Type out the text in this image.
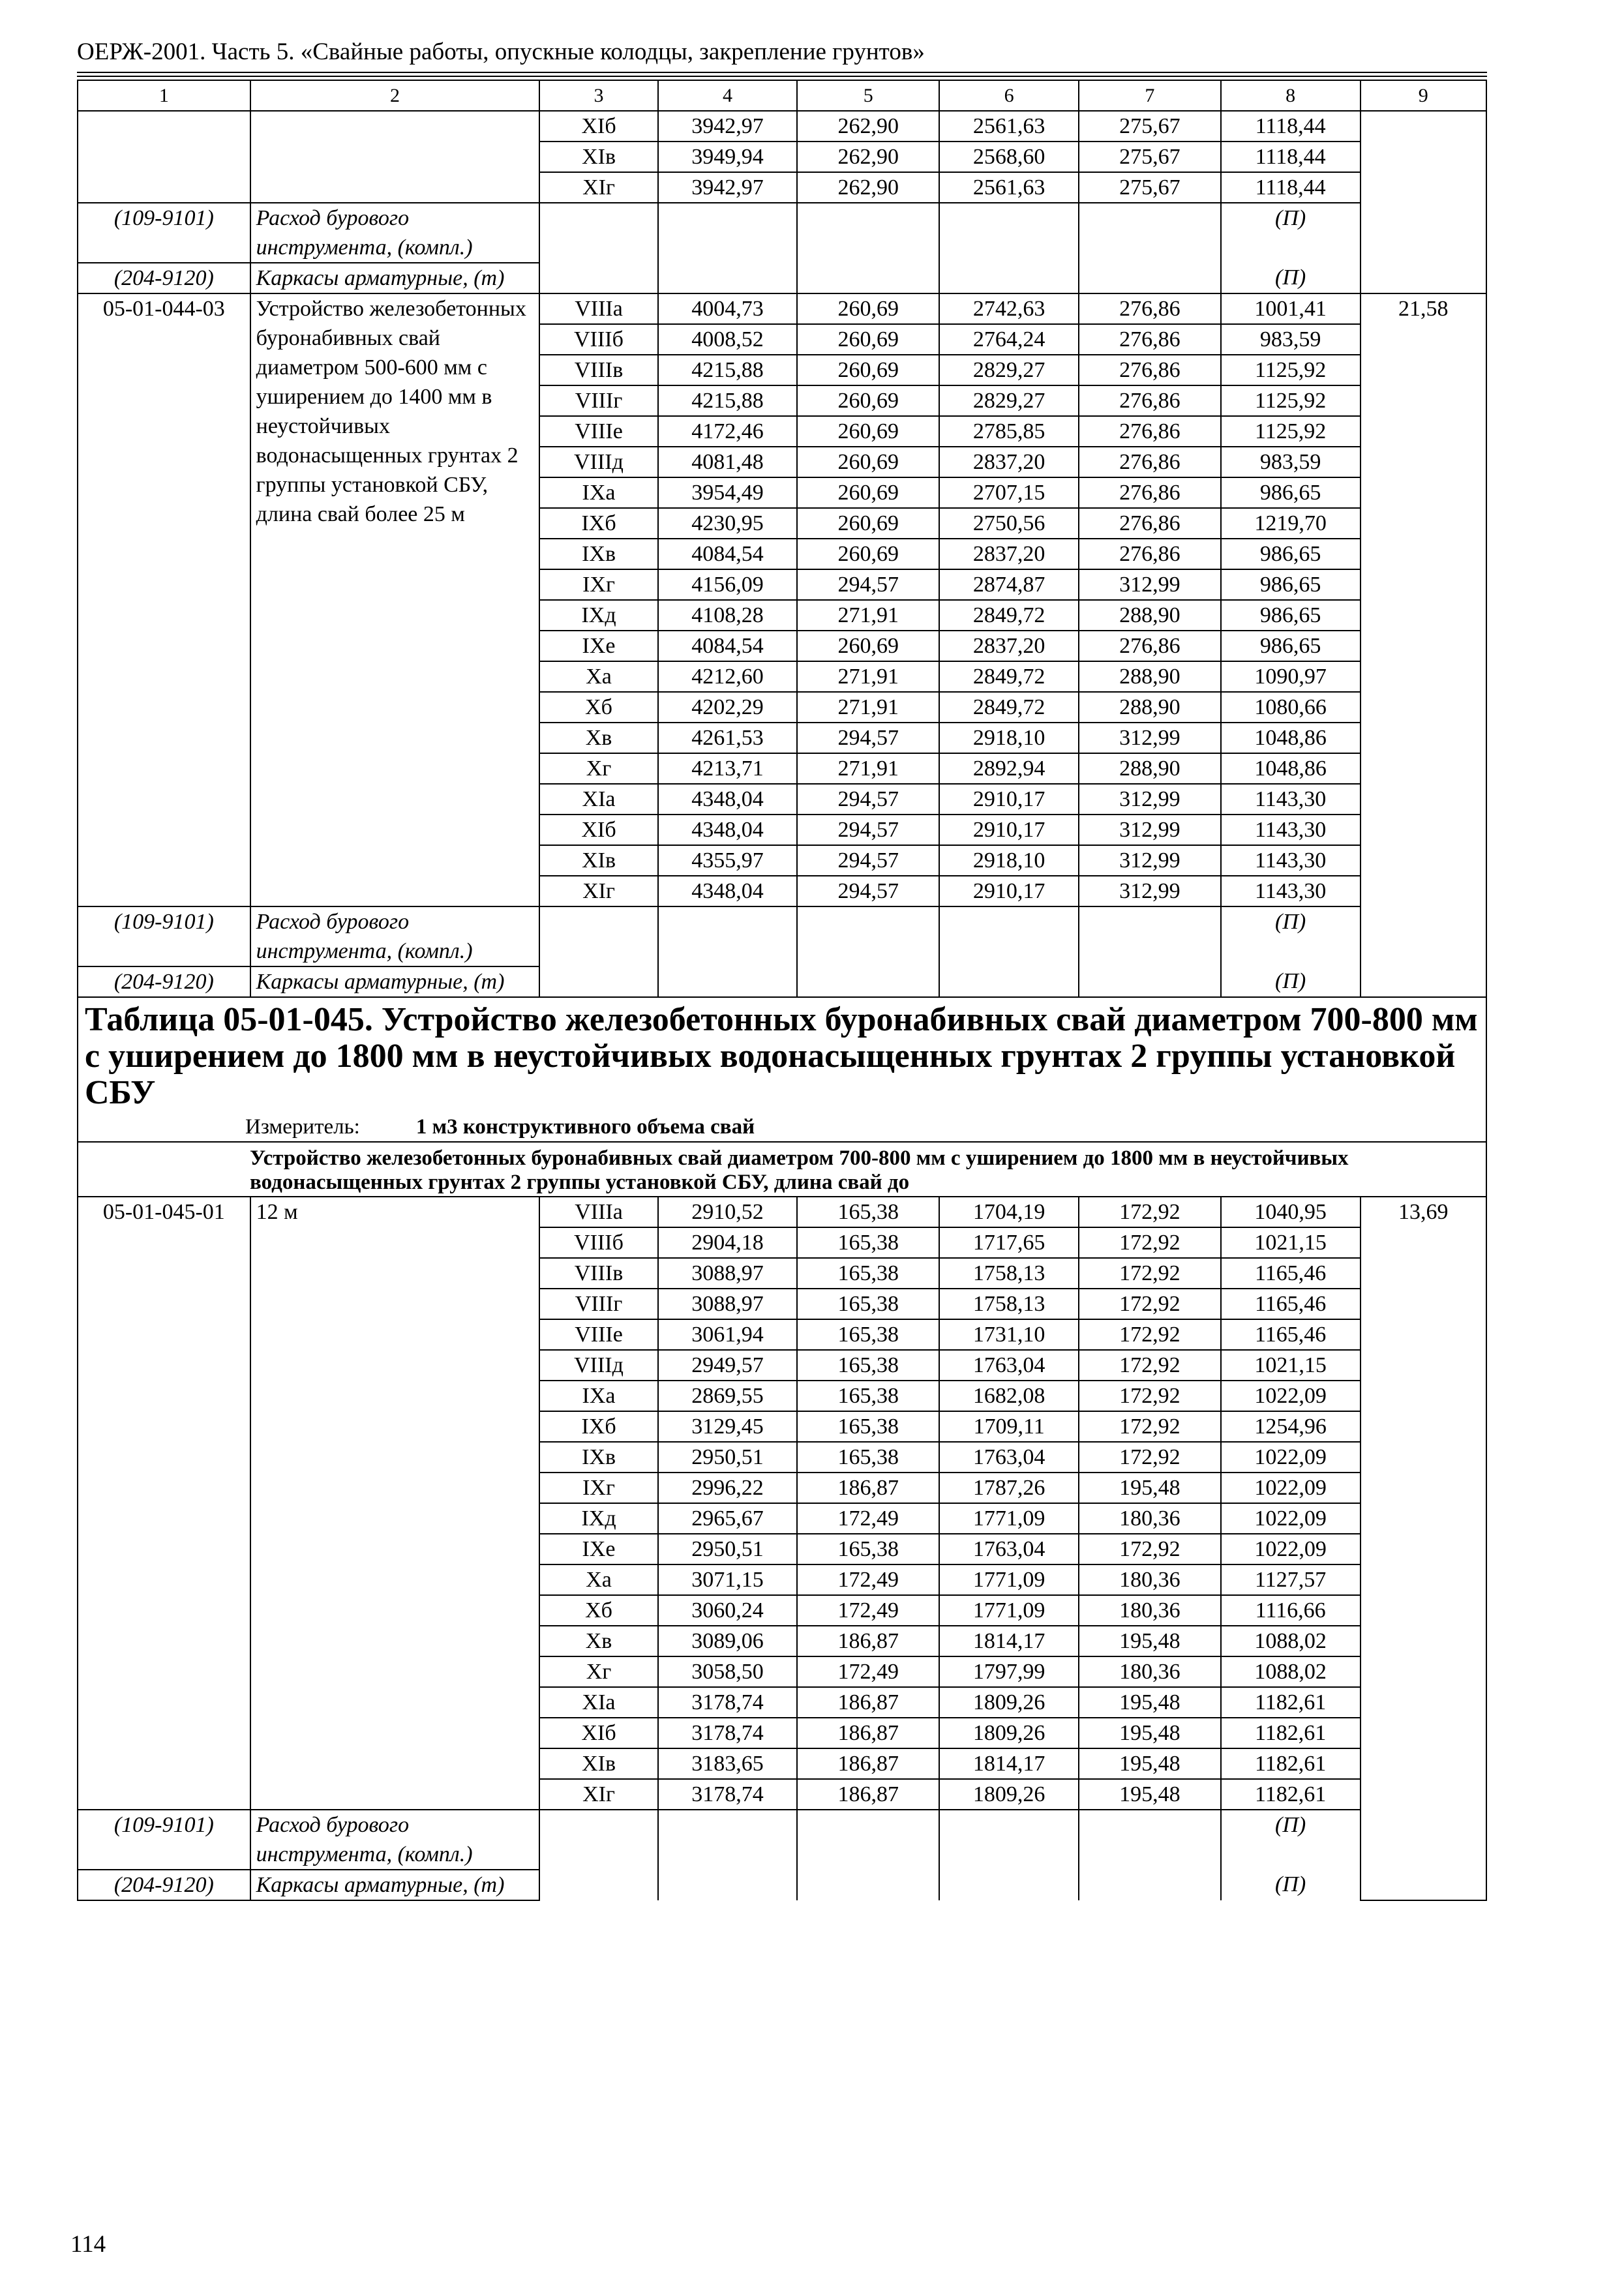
ОЕРЖ-2001. Часть 5. «Свайные работы, опускные колодцы, закрепление грунтов»
1	2	3	4	5	6	7	8	9
		XIб	3942,97	262,90	2561,63	275,67	1118,44	
		XIв	3949,94	262,90	2568,60	275,67	1118,44	
		XIг	3942,97	262,90	2561,63	275,67	1118,44	
(109-9101)	Расход бурового инструмента, (компл.)						(П)	
(204-9120)	Каркасы арматурные, (т)						(П)	
05-01-044-03	Устройство железобетонных буронабивных свай диаметром 500-600 мм с уширением до 1400 мм в неустойчивых водонасыщенных грунтах 2 группы установкой СБУ, длина свай более 25 м	VIIIа	4004,73	260,69	2742,63	276,86	1001,41	21,58
		VIIIб	4008,52	260,69	2764,24	276,86	983,59	
		VIIIв	4215,88	260,69	2829,27	276,86	1125,92	
		VIIIг	4215,88	260,69	2829,27	276,86	1125,92	
		VIIIе	4172,46	260,69	2785,85	276,86	1125,92	
		VIIIд	4081,48	260,69	2837,20	276,86	983,59	
		IXа	3954,49	260,69	2707,15	276,86	986,65	
		IXб	4230,95	260,69	2750,56	276,86	1219,70	
		IXв	4084,54	260,69	2837,20	276,86	986,65	
		IXг	4156,09	294,57	2874,87	312,99	986,65	
		IXд	4108,28	271,91	2849,72	288,90	986,65	
		IXе	4084,54	260,69	2837,20	276,86	986,65	
		Xа	4212,60	271,91	2849,72	288,90	1090,97	
		Xб	4202,29	271,91	2849,72	288,90	1080,66	
		Xв	4261,53	294,57	2918,10	312,99	1048,86	
		Xг	4213,71	271,91	2892,94	288,90	1048,86	
		XIа	4348,04	294,57	2910,17	312,99	1143,30	
		XIб	4348,04	294,57	2910,17	312,99	1143,30	
		XIв	4355,97	294,57	2918,10	312,99	1143,30	
		XIг	4348,04	294,57	2910,17	312,99	1143,30	
(109-9101)	Расход бурового инструмента, (компл.)						(П)	
(204-9120)	Каркасы арматурные, (т)						(П)	

Таблица 05-01-045. Устройство железобетонных буронабивных свай диаметром 700-800 мм с уширением до 1800 мм в неустойчивых водонасыщенных грунтах 2 группы установкой СБУ
Измеритель: 1 м3 конструктивного объема свай								

Устройство железобетонных буронабивных свай диаметром 700-800 мм с уширением до 1800 мм в неустойчивых водонасыщенных грунтах 2 группы установкой СБУ, длина свай до								

05-01-045-01	12 м	VIIIа	2910,52	165,38	1704,19	172,92	1040,95	13,69
		VIIIб	2904,18	165,38	1717,65	172,92	1021,15	
		VIIIв	3088,97	165,38	1758,13	172,92	1165,46	
		VIIIг	3088,97	165,38	1758,13	172,92	1165,46	
		VIIIе	3061,94	165,38	1731,10	172,92	1165,46	
		VIIIд	2949,57	165,38	1763,04	172,92	1021,15	
		IXа	2869,55	165,38	1682,08	172,92	1022,09	
		IXб	3129,45	165,38	1709,11	172,92	1254,96	
		IXв	2950,51	165,38	1763,04	172,92	1022,09	
		IXг	2996,22	186,87	1787,26	195,48	1022,09	
		IXд	2965,67	172,49	1771,09	180,36	1022,09	
		IXе	2950,51	165,38	1763,04	172,92	1022,09	
		Xа	3071,15	172,49	1771,09	180,36	1127,57	
		Xб	3060,24	172,49	1771,09	180,36	1116,66	
		Xв	3089,06	186,87	1814,17	195,48	1088,02	
		Xг	3058,50	172,49	1797,99	180,36	1088,02	
		XIа	3178,74	186,87	1809,26	195,48	1182,61	
		XIб	3178,74	186,87	1809,26	195,48	1182,61	
		XIв	3183,65	186,87	1814,17	195,48	1182,61	
		XIг	3178,74	186,87	1809,26	195,48	1182,61	
(109-9101)	Расход бурового инструмента, (компл.)						(П)	
(204-9120)	Каркасы арматурные, (т)						(П)	
114
